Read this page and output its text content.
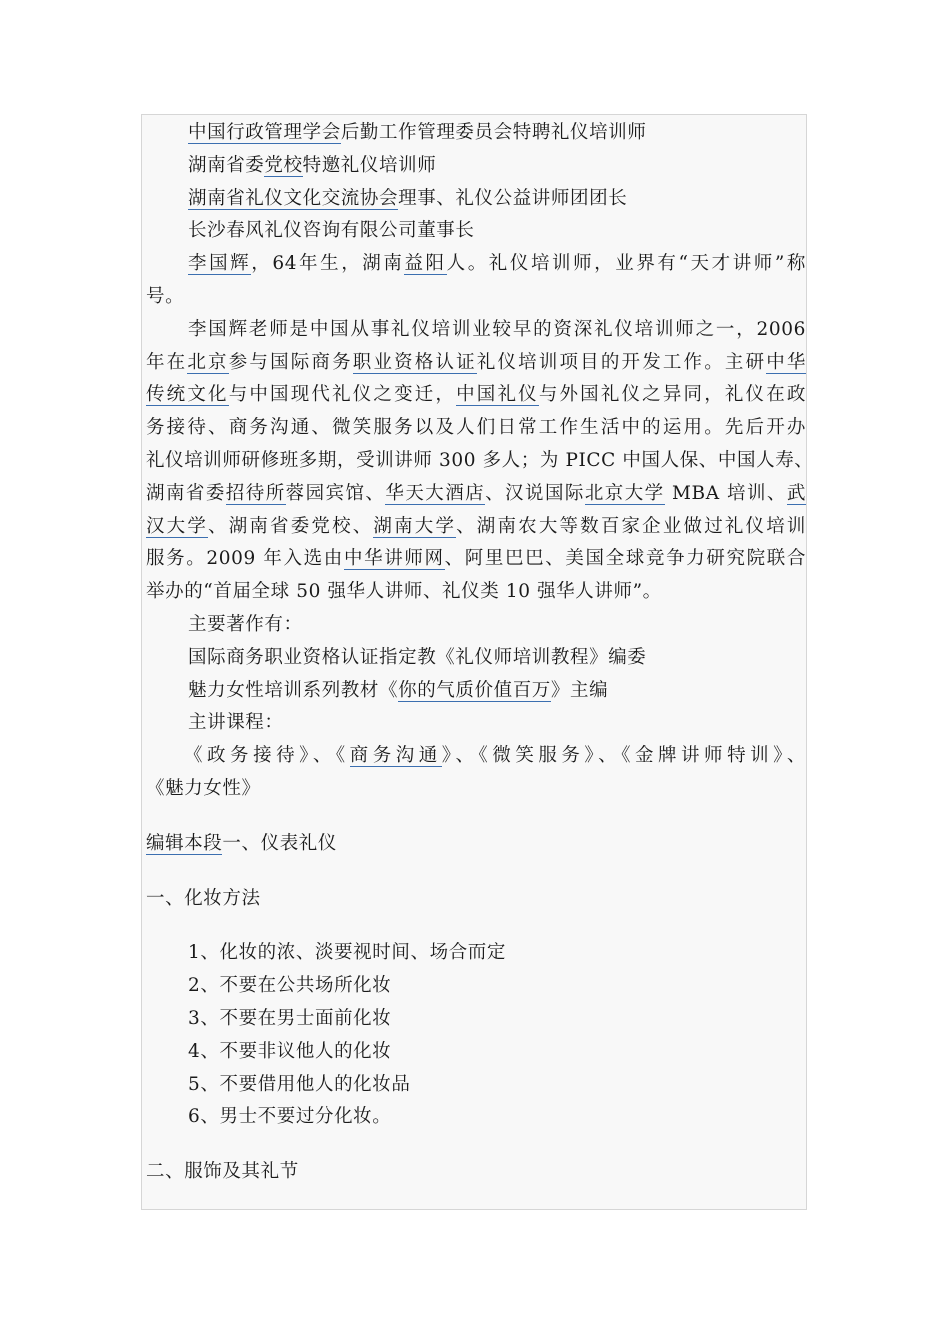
中国行政管理学会后勤工作管理委员会特聘礼仪培训师

湖南省委党校特邀礼仪培训师

湖南省礼仪文化交流协会理事、礼仪公益讲师团团长

长沙春风礼仪咨询有限公司董事长

李国辉，64年生，湖南益阳人。礼仪培训师，业界有“天才讲师”称

号。

李国辉老师是中国从事礼仪培训业较早的资深礼仪培训师之一，2006

年在北京参与国际商务职业资格认证礼仪培训项目的开发工作。主研中华

传统文化与中国现代礼仪之变迁，中国礼仪与外国礼仪之异同，礼仪在政

务接待、商务沟通、微笑服务以及人们日常工作生活中的运用。先后开办

礼仪培训师研修班多期，受训讲师 300 多人；为 PICC 中国人保、中国人寿、

湖南省委招待所蓉园宾馆、华天大酒店、汉说国际北京大学 MBA 培训、武

汉大学、湖南省委党校、湖南大学、湖南农大等数百家企业做过礼仪培训

服务。2009 年入选由中华讲师网、阿里巴巴、美国全球竞争力研究院联合

举办的“首届全球 50 强华人讲师、礼仪类 10 强华人讲师”。

主要著作有：

国际商务职业资格认证指定教《礼仪师培训教程》编委

魅力女性培训系列教材《你的气质价值百万》主编

主讲课程：

《政务接待》、《商务沟通》、《微笑服务》、《金牌讲师特训》、

《魅力女性》

编辑本段一、仪表礼仪

一、化妆方法

1、化妆的浓、淡要视时间、场合而定

2、不要在公共场所化妆

3、不要在男士面前化妆

4、不要非议他人的化妆

5、不要借用他人的化妆品

6、男士不要过分化妆。

二、服饰及其礼节
